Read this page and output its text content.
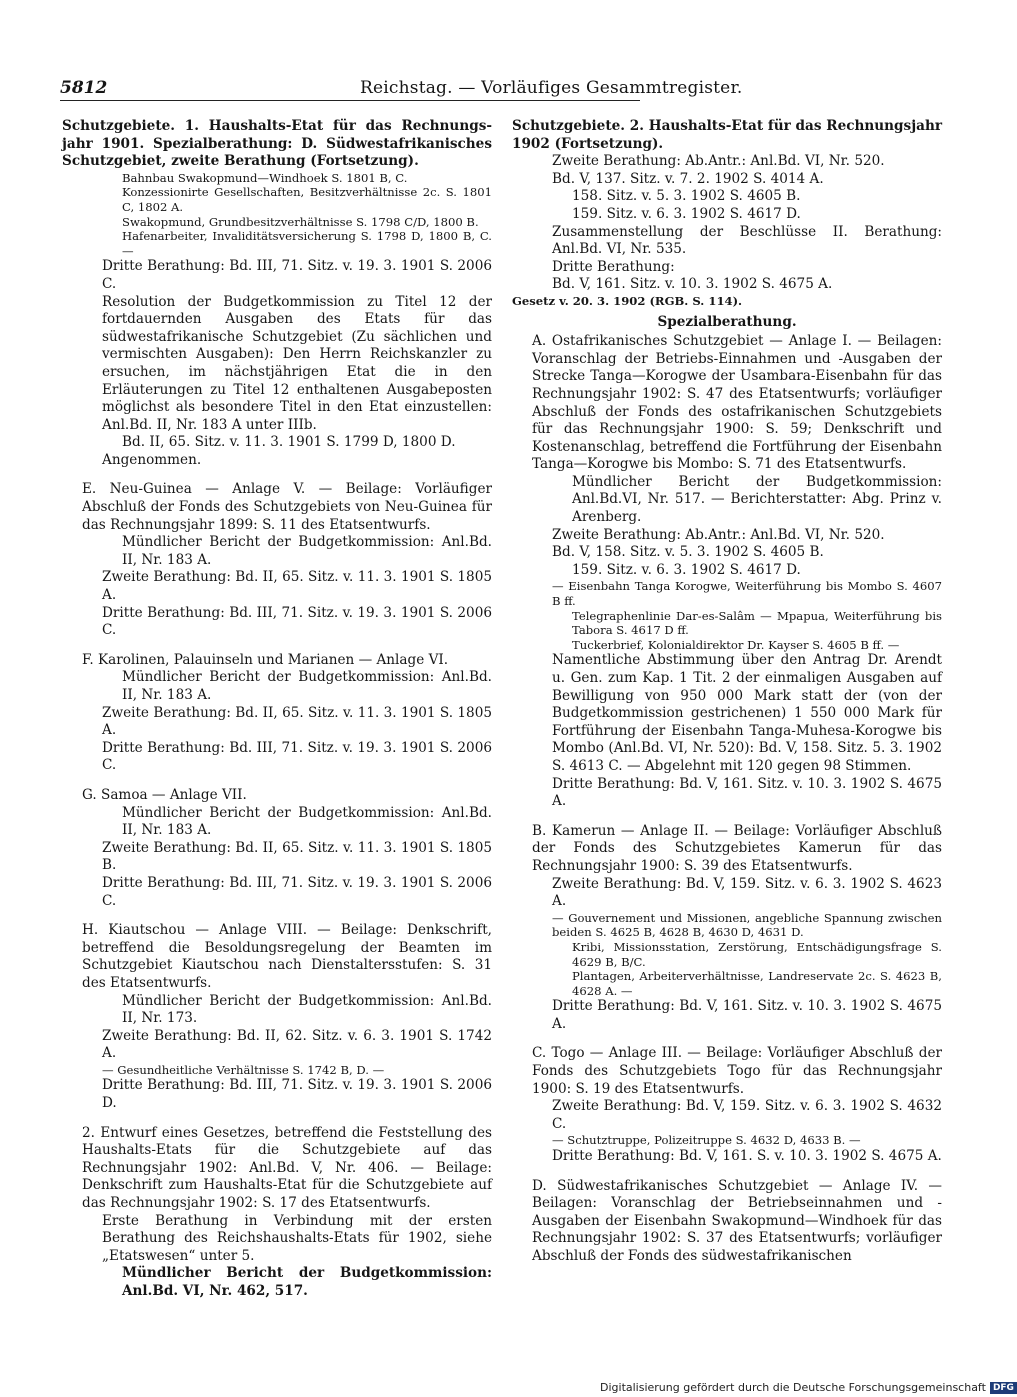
5812	Reichstag. — Vorläufiges Gesammtregister.
Schutzgebiete. 1. Haushalts-Etat für das Rechnungs-jahr 1901. Spezialberathung: D. Südwestafrikanisches Schutzgebiet, zweite Berathung (Fortsetzung).
Bahnbau Swakopmund—Windhoek S. 1801 B, C.
Konzessionirte Gesellschaften, Besitzverhältnisse 2c. S. 1801 C, 1802 A.
Swakopmund, Grundbesitzverhältnisse S. 1798 C/D, 1800 B.
Hafenarbeiter, Invaliditätsversicherung S. 1798 D, 1800 B, C. —
Dritte Berathung: Bd. III, 71. Sitz. v. 19. 3. 1901 S. 2006 C.
Resolution der Budgetkommission zu Titel 12 der fortdauernden Ausgaben des Etats für das südwestafrikanische Schutzgebiet (Zu sächlichen und vermischten Ausgaben): Den Herrn Reichskanzler zu ersuchen, im nächstjährigen Etat die in den Erläuterungen zu Titel 12 enthaltenen Ausgabeposten möglichst als besondere Titel in den Etat einzustellen: Anl.Bd. II, Nr. 183 A unter IIIb.
Bd. II, 65. Sitz. v. 11. 3. 1901 S. 1799 D, 1800 D.
Angenommen.
E. Neu-Guinea — Anlage V. — Beilage: Vorläufiger Abschluß der Fonds des Schutzgebiets von Neu-Guinea für das Rechnungsjahr 1899: S. 11 des Etatsentwurfs.
Mündlicher Bericht der Budgetkommission: Anl.Bd. II, Nr. 183 A.
Zweite Berathung: Bd. II, 65. Sitz. v. 11. 3. 1901 S. 1805 A.
Dritte Berathung: Bd. III, 71. Sitz. v. 19. 3. 1901 S. 2006 C.
F. Karolinen, Palauinseln und Marianen — Anlage VI.
Mündlicher Bericht der Budgetkommission: Anl.Bd. II, Nr. 183 A.
Zweite Berathung: Bd. II, 65. Sitz. v. 11. 3. 1901 S. 1805 A.
Dritte Berathung: Bd. III, 71. Sitz. v. 19. 3. 1901 S. 2006 C.
G. Samoa — Anlage VII.
Mündlicher Bericht der Budgetkommission: Anl.Bd. II, Nr. 183 A.
Zweite Berathung: Bd. II, 65. Sitz. v. 11. 3. 1901 S. 1805 B.
Dritte Berathung: Bd. III, 71. Sitz. v. 19. 3. 1901 S. 2006 C.
H. Kiautschou — Anlage VIII. — Beilage: Denkschrift, betreffend die Besoldungsregelung der Beamten im Schutzgebiet Kiautschou nach Dienstaltersstufen: S. 31 des Etatsentwurfs.
Mündlicher Bericht der Budgetkommission: Anl.Bd. II, Nr. 173.
Zweite Berathung: Bd. II, 62. Sitz. v. 6. 3. 1901 S. 1742 A.
— Gesundheitliche Verhältnisse S. 1742 B, D. —
Dritte Berathung: Bd. III, 71. Sitz. v. 19. 3. 1901 S. 2006 D.
2. Entwurf eines Gesetzes, betreffend die Feststellung des Haushalts-Etats für die Schutzgebiete auf das Rechnungsjahr 1902: Anl.Bd. V, Nr. 406. — Beilage: Denkschrift zum Haushalts-Etat für die Schutzgebiete auf das Rechnungsjahr 1902: S. 17 des Etatsentwurfs.
Erste Berathung in Verbindung mit der ersten Berathung des Reichshaushalts-Etats für 1902, siehe „Etatswesen“ unter 5.
Mündlicher Bericht der Budgetkommission: Anl.Bd. VI, Nr. 462, 517.
Schutzgebiete. 2. Haushalts-Etat für das Rechnungsjahr 1902 (Fortsetzung).
Zweite Berathung: Ab.Antr.: Anl.Bd. VI, Nr. 520.
Bd. V, 137. Sitz. v. 7. 2. 1902 S. 4014 A.
158. Sitz. v. 5. 3. 1902 S. 4605 B.
159. Sitz. v. 6. 3. 1902 S. 4617 D.
Zusammenstellung der Beschlüsse II. Berathung: Anl.Bd. VI, Nr. 535.
Dritte Berathung:
Bd. V, 161. Sitz. v. 10. 3. 1902 S. 4675 A.
Gesetz v. 20. 3. 1902 (RGB. S. 114).
Spezialberathung.
A. Ostafrikanisches Schutzgebiet — Anlage I. — Beilagen: Voranschlag der Betriebs-Einnahmen und -Ausgaben der Strecke Tanga—Korogwe der Usambara-Eisenbahn für das Rechnungsjahr 1902: S. 47 des Etatsentwurfs; vorläufiger Abschluß der Fonds des ostafrikanischen Schutzgebiets für das Rechnungsjahr 1900: S. 59; Denkschrift und Kostenanschlag, betreffend die Fortführung der Eisenbahn Tanga—Korogwe bis Mombo: S. 71 des Etatsentwurfs.
Mündlicher Bericht der Budgetkommission: Anl.Bd.VI, Nr. 517. — Berichterstatter: Abg. Prinz v. Arenberg.
Zweite Berathung: Ab.Antr.: Anl.Bd. VI, Nr. 520.
Bd. V, 158. Sitz. v. 5. 3. 1902 S. 4605 B.
159. Sitz. v. 6. 3. 1902 S. 4617 D.
— Eisenbahn Tanga Korogwe, Weiterführung bis Mombo S. 4607 B ff.
Telegraphenlinie Dar-es-Salâm — Mpapua, Weiterführung bis Tabora S. 4617 D ff.
Tuckerbrief, Kolonialdirektor Dr. Kayser S. 4605 B ff. —
Namentliche Abstimmung über den Antrag Dr. Arendt u. Gen. zum Kap. 1 Tit. 2 der einmaligen Ausgaben auf Bewilligung von 950 000 Mark statt der (von der Budgetkommission gestrichenen) 1 550 000 Mark für Fortführung der Eisenbahn Tanga-Muhesa-Korogwe bis Mombo (Anl.Bd. VI, Nr. 520): Bd. V, 158. Sitz. 5. 3. 1902 S. 4613 C. — Abgelehnt mit 120 gegen 98 Stimmen.
Dritte Berathung: Bd. V, 161. Sitz. v. 10. 3. 1902 S. 4675 A.
B. Kamerun — Anlage II. — Beilage: Vorläufiger Abschluß der Fonds des Schutzgebietes Kamerun für das Rechnungsjahr 1900: S. 39 des Etatsentwurfs.
Zweite Berathung: Bd. V, 159. Sitz. v. 6. 3. 1902 S. 4623 A.
— Gouvernement und Missionen, angebliche Spannung zwischen beiden S. 4625 B, 4628 B, 4630 D, 4631 D.
Kribi, Missionsstation, Zerstörung, Entschädigungsfrage S. 4629 B, B/C.
Plantagen, Arbeiterverhältnisse, Landreservate 2c. S. 4623 B, 4628 A. —
Dritte Berathung: Bd. V, 161. Sitz. v. 10. 3. 1902 S. 4675 A.
C. Togo — Anlage III. — Beilage: Vorläufiger Abschluß der Fonds des Schutzgebiets Togo für das Rechnungsjahr 1900: S. 19 des Etatsentwurfs.
Zweite Berathung: Bd. V, 159. Sitz. v. 6. 3. 1902 S. 4632 C.
— Schutztruppe, Polizeitruppe S. 4632 D, 4633 B. —
Dritte Berathung: Bd. V, 161. S. v. 10. 3. 1902 S. 4675 A.
D. Südwestafrikanisches Schutzgebiet — Anlage IV. — Beilagen: Voranschlag der Betriebseinnahmen und -Ausgaben der Eisenbahn Swakopmund—Windhoek für das Rechnungsjahr 1902: S. 37 des Etatsentwurfs; vorläufiger Abschluß der Fonds des südwestafrikanischen
Digitalisierung gefördert durch die Deutsche Forschungsgemeinschaft DFG
